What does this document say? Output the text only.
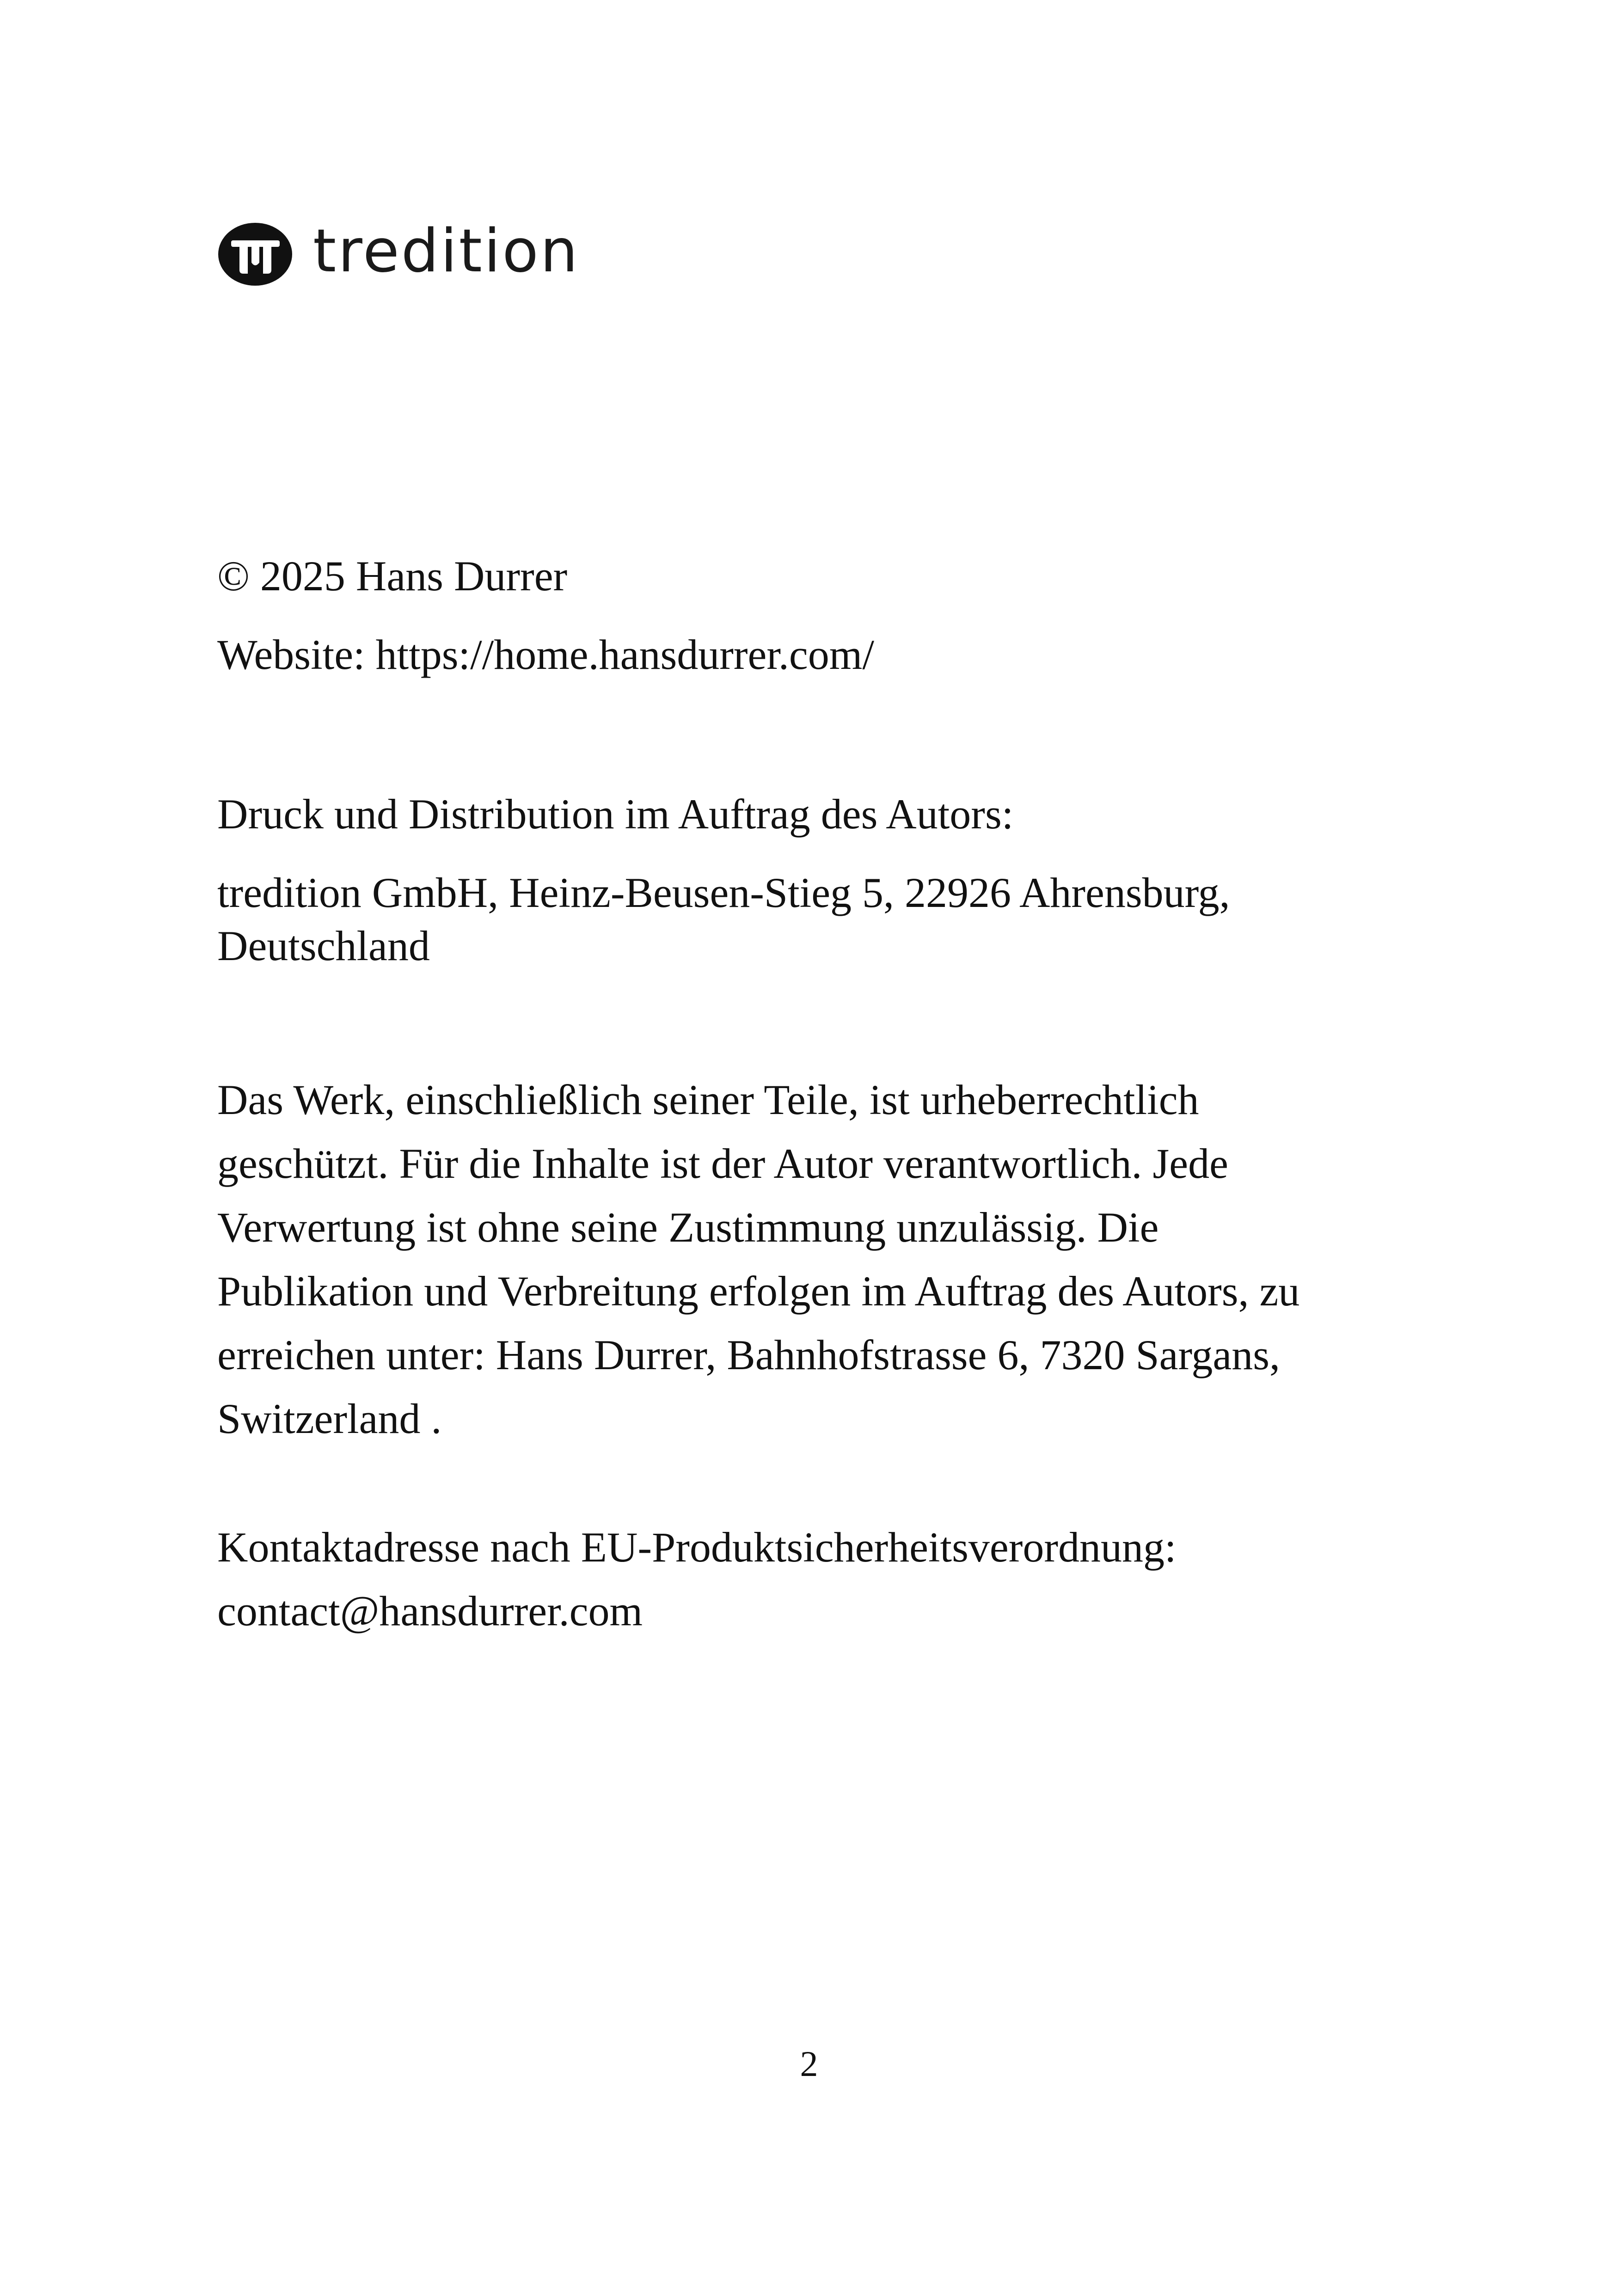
tredition
© 2025 Hans Durrer
Website: https://home.hansdurrer.com/
Druck und Distribution im Auftrag des Autors:
tredition GmbH, Heinz-Beusen-Stieg 5, 22926 Ahrensburg,
Deutschland
Das Werk, einschließlich seiner Teile, ist urheberrechtlich
geschützt. Für die Inhalte ist der Autor verantwortlich. Jede
Verwertung ist ohne seine Zustimmung unzulässig. Die
Publikation und Verbreitung erfolgen im Auftrag des Autors, zu
erreichen unter: Hans Durrer, Bahnhofstrasse 6, 7320 Sargans,
Switzerland .
Kontaktadresse nach EU-Produktsicherheitsverordnung:
contact@hansdurrer.com
2
